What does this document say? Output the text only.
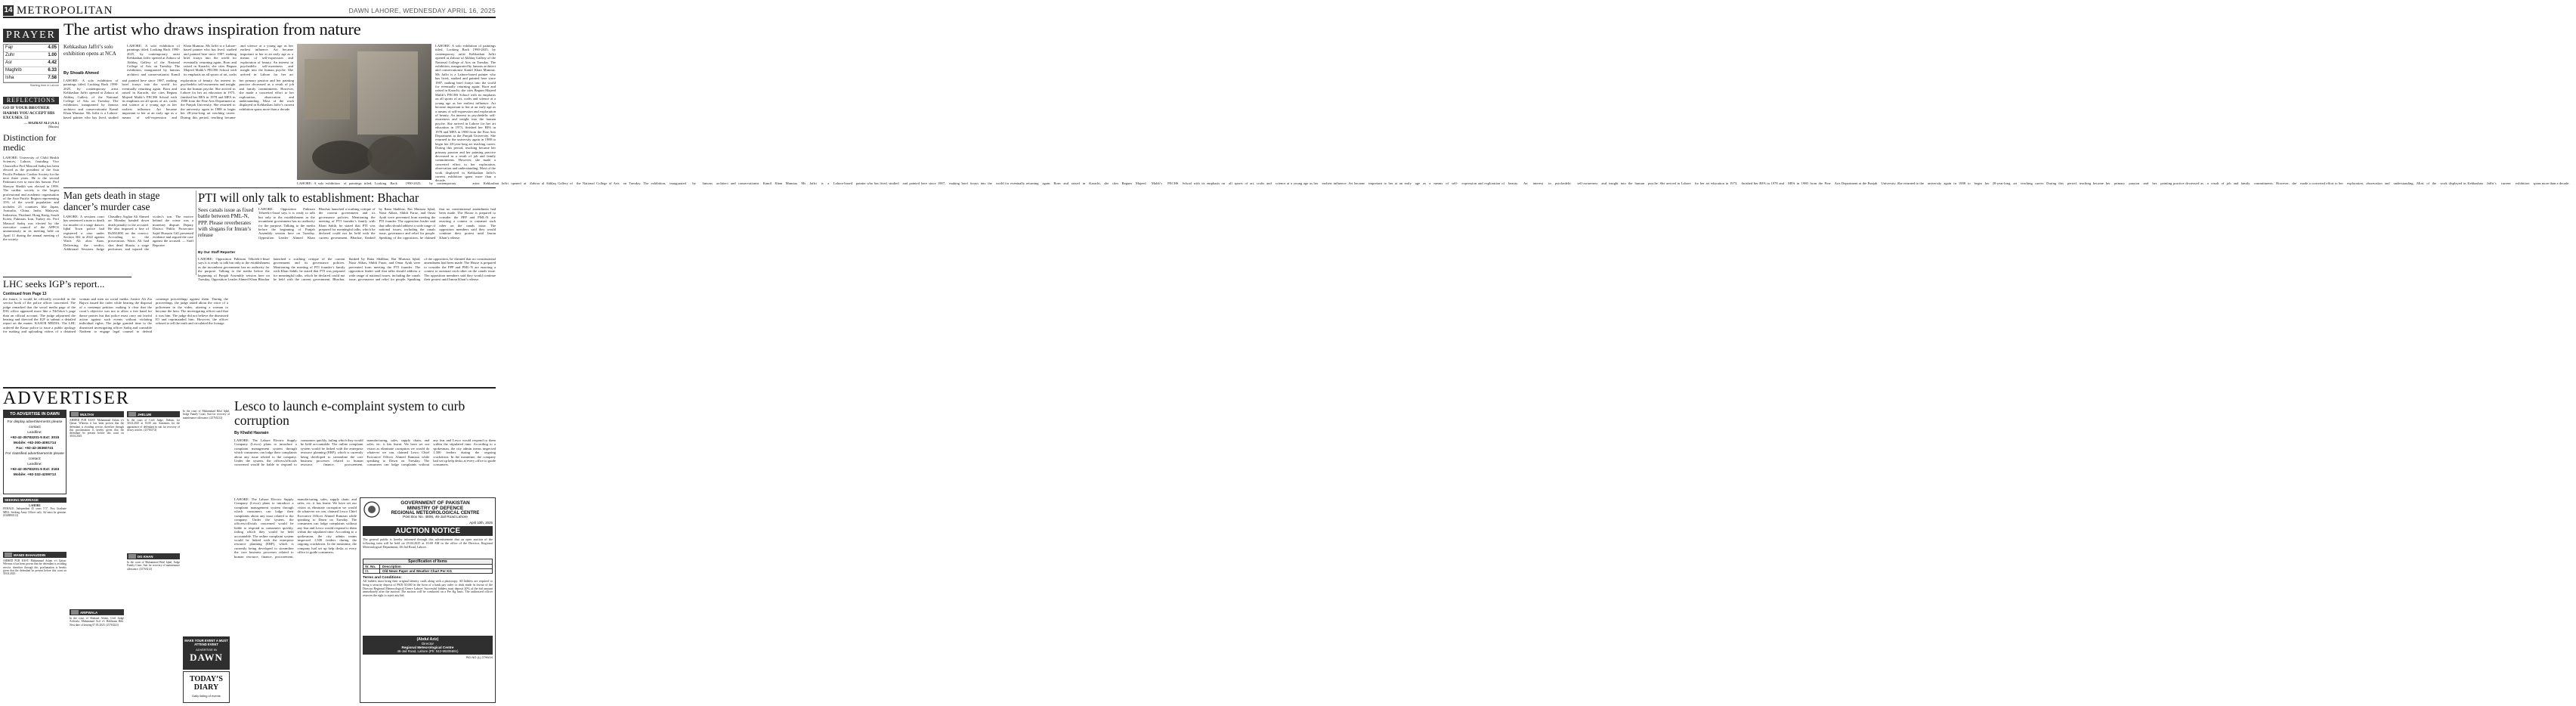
14 METROPOLITAN	DAWN LAHORE, WEDNESDAY APRIL 16, 2025
PRAYER
Fajr	4.05
Zuhr	1.00
Asr	4.42
Maghrib	6.33
Isha	7.58
Starting time in Lahore
REFLECTIONS
GO IF YOUR BROTHER HARMS YOU ACCEPT HIS EXCUSES. 53
— HAZRAT ALI (A.S.)
(Maxim)
Distinction for medic
LAHORE: University of Child Health Sciences, Lahore, founding Vice Chancellor Prof Masood Sadiq has been elected as the president of the Asia Pacific Pediatric Cardiac Society for the next three years. He is the second Pakistani ever to earn this honour. Prof Sheryar Sheikh was elected in 1999. The cardiac society is the largest professional and academic organisation of the Asia Pacific Region representing 35% of the world population and includes 23 countries like Japan, Australia, China, India, Malaysia, Indonesia, Thailand, Hong Kong, South Korea, Pakistan, Iran, Turkey etc. Prof Masood Sadiq was elected by the executive council of the APPCS unanimously in its meeting held on April 11 during the annual meeting of the society.
LHC seeks IGP’s report...
Continued from Page 13
the future, it would be officially recorded in the service book of the police officer concerned. The judge remarked that the social media page of the DIG office appeared more like a TikToker’s page than an official account. The judge adjourned the hearing and directed the IGP to submit a detailed report on the matter. KASUR MEDIA: The LHC ordered the Kasur police to issue a public apology for making and uploading videos of a detained woman and men on social media. Justice Ali Zia Bajwa issued the order while hearing the disposal of a contempt petition, making it clear that the court’s objective was not to allow a free hand for dance parties but that police must carry out lawful action against such events without violating individual rights. The judge granted time to the dismissed investigating officer Sadiq and constable Nadeem to engage legal counsel to defend contempt proceedings against them. During the proceedings, the judge asked about the voice of a policemen in the video, uttering a woman to become the hero. The investigating officer said that it was him. The judge did not believe the dismissed IO and reprimanded him. However, the officer refused to tell the truth and circulated the footage.
The artist who draws inspiration from nature
Kehkashan Jaffri’s solo exhibition opens at NCA
By Shoaib Ahmed
LAHORE: A solo exhibition of paintings titled, Looking Back 1990-2025, by contemporary artist Kehkashan Jaffri opened at Zahoor ul Akhlaq Gallery of the National College of Arts on Tuesday. The exhibition, inaugurated by famous architect and conservationist Kamil Khan Mumtaz. Ms Jaffri is a Lahore-based painter who has lived, studied and painted here since 1987, making brief forays into the world for eventually returning again. Born and raised in Karachi, she cites Begum Majeed Malik’s PECHS School with its emphasis on all sports of art, crafts and science at a young age as her earliest influence. Art became important to her at an early age as a means of self-expression and exploration of beauty. An interest in psychedelic self-awareness and insight into the human psyche. She arrived in Lahore for her art education in 1973, finished her BFA in 1978 and MFA in 1980 from the Fine Arts Department at the Punjab University. She returned to the university again in 1988 to begin her 28-year-long art teaching career. During this period, teaching became her primary passion and her painting practice decreased as a result of job and family commitments. However, she made a concerted effort to her exploration, observation and understanding. Most of the work displayed in Kehkashan Jaffri’s current exhibition spans more than a decade.
LAHORE: A solo exhibition of paintings titled, Looking Back 1990-2025, by contemporary artist Kehkashan Jaffri opened at Zahoor ul Akhlaq Gallery of the National College of Arts on Tuesday. The exhibition, inaugurated by famous architect and conservationist Kamil Khan Mumtaz. Ms Jaffri is a Lahore-based painter who has lived, studied and painted here since 1987, making brief forays into the world for eventually returning again. Born and raised in Karachi, she cites Begum Majeed Malik’s PECHS School with its emphasis on all sports of art, crafts and science at a young age as her earliest influence. Art became important to her at an early age as a means of self-expression and exploration of beauty. An interest in psychedelic self-awareness and insight into the human psyche. She arrived in Lahore for her art
LAHORE: A solo exhibition of paintings titled, Looking Back 1990-2025, by contemporary artist Kehkashan Jaffri opened at Zahoor ul Akhlaq Gallery of the National College of Arts on Tuesday. The exhibition, inaugurated by famous architect and conservationist Kamil Khan Mumtaz. Ms Jaffri is a Lahore-based painter who has lived, studied and painted here since 1987, making brief forays into the world for eventually returning again. Born and raised in Karachi, she cites Begum Majeed Malik’s PECHS School with its emphasis on all sports of art, crafts and science at a young age as her earliest influence. Art became important to her at an early age as a means of self-expression and exploration of beauty. An interest in psychedelic self-awareness and insight into the human psyche. She arrived in Lahore for her art education in 1973, finished her BFA in 1978 and MFA in 1980 from the Fine Arts Department at the Punjab University. She returned to the university again in 1988 to begin her 28-year-long art teaching career. During this period, teaching became her primary passion and her painting practice decreased as a result of job and family commitments. However, she made a concerted effort to her exploration, observation and understanding. Most of the work displayed in Kehkashan Jaffri’s current exhibition spans more than a decade.
LAHORE: A solo exhibition of paintings titled, Looking Back 1990-2025, by contemporary artist Kehkashan Jaffri opened at Zahoor ul Akhlaq Gallery of the National College of Arts on Tuesday. The exhibition, inaugurated by famous architect and conservationist Kamil Khan Mumtaz. Ms Jaffri is a Lahore-based painter who has lived, studied and painted here since 1987, making brief forays into the world for eventually returning again. Born and raised in Karachi, she cites Begum Majeed Malik’s PECHS School with its emphasis on all sports of art, crafts and science at a young age as her earliest influence. Art became important to her at an early age as a means of self-expression and exploration of beauty. An interest in psychedelic self-awareness and insight into the human psyche. She arrived in Lahore for her art education in 1973, finished her BFA in 1978 and MFA in 1980 from the Fine Arts Department at the Punjab University. She returned to the university again in 1988 to begin her 28-year-long art teaching career. During this period, teaching became her primary passion and her painting practice decreased as a result of job and family commitments. However, she made a concerted effort to her exploration, observation and understanding. Most of the work displayed in Kehkashan Jaffri’s current exhibition spans more than a decade.
Man gets death in stage dancer’s murder case
LAHORE: A sessions court has sentenced a man to death for murder of a stage dancer. Iqbal Town police had registered a case under Section 302 in 2022 against Waris Ali alias Saan. Delivering the verdict, Additional Sessions Judge Chaudhry Asghar Ali Ahmed on Monday handed down death penalty to the accused. He also imposed a fine of Rs500,000 on the convict. According to the prosecution, Waris Ali had shot dead Shazia, a stage performer, and injured the victim’s son. The motive behind the crime was a monetary dispute. Deputy District Public Prosecutor Sajid Hussain Gill presented evidence and argued the case against the accused. — Staff Reporter
PTI will only talk to establishment: Bhachar
Sees canals issue as fixed battle between PML-N, PPP. Please reverberates with slogans for Imran’s release
By Our Staff Reporter
LAHORE: Opposition Pakistan Tehreek-i-Insaf says it is ready to talk but only to the establishment as the incumbent government has no authority for the purpose. Talking to the media before the beginning of Punjab Assembly session here on Tuesday, Opposition Leader Ahmed Khan Bhachar launched a scathing critique of the current government and its governance policies. Mentioning the meeting of PTI founder’s family with Khan Sahib, he stated that PTI was prepared for meaningful talks, which he declared could not be held with the current government. Bhachar, flanked by Rana Shahbaz, Rai Murtaza Iqbal, Nasir Abbas, Shibli Faraz, and Omar Ayub were prevented from meeting the PTI founder. The opposition leader said that talks should address a wide range of national issues, including the canals issue, governance and relief for people. Speaking of the opposition, he claimed that no constitutional amendment had been made. The House is prepared to consider the PPP and PML-N are enacting a contest to outsmart each other on the canals issue. The opposition members said they would continue their protest until Imran Khan’s release.
LAHORE: Opposition Pakistan Tehreek-i-Insaf says it is ready to talk but only to the establishment as the incumbent government has no authority for the purpose. Talking to the media before the beginning of Punjab Assembly session here on Tuesday, Opposition Leader Ahmed Khan Bhachar launched a scathing critique of the current government and its governance policies. Mentioning the meeting of PTI founder’s family with Khan Sahib, he stated that PTI was prepared for meaningful talks, which he declared could not be held with the current government. Bhachar, flanked by Rana Shahbaz, Rai Murtaza Iqbal, Nasir Abbas, Shibli Faraz, and Omar Ayub were prevented from meeting the PTI founder. The opposition leader said that talks should address a wide range of national issues, including the canals issue, governance and relief for people. Speaking of the opposition, he claimed that no constitutional amendment had been made. The House is prepared to consider the PPP and PML-N are enacting a contest to outsmart each other on the canals issue. The opposition members said they would continue their protest until Imran Khan’s release.
ADVERTISER
TO ADVERTISE IN DAWN
For display advertisements please contact
Landline:
+92-42-35783201-5 Ext: 3015
Mobile: +92-300-4091714
Fax: +92-42-36360741
For classified advertisements please contact:
Landline:
+92-42-35783201-5 Ext: 3163
Mobile: +92-332-4209713
SEEKING MARRIAGE
LAHORE
FEMALE: Independent 45 years 5’3”, Post Graduate MBA. Seeking Army Officer only. Ad must be genuine. (0348890112)
MANDI BAHAUDDIN
AHMED PUR EAST: Muhammad Aslam v/s Qaisar. Whereas it has been proven that the defendant is avoiding service, therefore through this proclamation is hereby given that the defendant be present before this court on 30.04.2025.
MULTAN
AHMED PUR EAST: Muhammad Aslam v/s Qaisar. Whereas it has been proven that the defendant is avoiding service, therefore through this proclamation is hereby given that the defendant be present before this court on 30.04.2025.
ARIFWALA
In the court of Shahzad Aslam, Civil Judge Arifwala, Muhammad Asif v/s Rukhsana Bibi. Next date of hearing 07.05.2025. (25763241)
JHELUM
In the court of Civil Judge, Jhelum, for 30.04.2025 at 10:00 am. Summons for the appearance of defendant in suit for recovery of dowry articles. (25763374)
DG KHAN
In the court of Muhammad Bilal Iqbal, Judge Family Court. Suit for recovery of maintenance allowance. (25763212)
In the court of Muhammad Bilal Iqbal, Judge Family Court. Suit for recovery of maintenance allowance. (25763212)
MAKE YOUR EVENT A MUST ATTEND EVENT
ADVERTISE IN
DAWN
TODAY’S DIARY
Daily listing of events
Lesco to launch e-complaint system to curb corruption
By Khalid Hasnain
LAHORE: The Lahore Electric Supply Company (Lesco) plans to introduce a complaint management system through which consumers can lodge their complaints about any issue related to the company. Under the system, the officers/officials concerned would be liable to respond to consumers quickly, failing which they would be held accountable. The online complaint system would be linked with the enterprise resource planning (ERP), which is currently being developed to streamline the core business processes related to human resource, finance, procurement, manufacturing, sales, supply chain, and sales, etc. it has learnt. We have set our vision as eliminate corruption we would do whatever we can, claimed Lesco Chief Executive Officer Ahmed Ramzan while speaking to Dawn on Tuesday. The consumers can lodge complaints without any fear and Lesco would respond to them within the stipulated time. According to a spokesman, the city admin teams inspected 1,500 feeders during the ongoing crackdown. In the meantime, the company had set up help desks at every office to guide consumers.
GOVERNMENT OF PAKISTAN
MINISTRY OF DEFENCE
REGIONAL METEOROLOGICAL CENTRE
Post Box No. 4806, 46-Jail Road Lahore
April 10th, 2025
AUCTION NOTICE
The general public is hereby informed through this advertisement that an open auction of the following item will be held on 29.04.2025 at 10:00 AM in the office of the Director, Regional Meteorological Department, 46-Jail Road, Lahore.
Specification of Items
Sr. No.	Description
01	Old News Paper and Weather Chart Per KG
Terms and Conditions:
All bidders must bring their original identity cards along with a photocopy. All bidders are required to bring a security deposit of PKR 50,000 in the form of a bank pay order or draft made in favour of the Director Regional Meteorological Centre Lahore. Successful bidders must deposit 20% of the bid amount immediately after the auction. The auction will be conducted on a Per Kg basis. The authorized officer reserves the right to reject any bid.
(Abdul Aziz)
Director
Regional Meteorological Centre
46-Jail Road, Lahore (Ph: 042-99205591)
PID NO (L) 2799/24
LAHORE: The Lahore Electric Supply Company (Lesco) plans to introduce a complaint management system through which consumers can lodge their complaints about any issue related to the company. Under the system, the officers/officials concerned would be liable to respond to consumers quickly, failing which they would be held accountable. The online complaint system would be linked with the enterprise resource planning (ERP), which is currently being developed to streamline the core business processes related to human resource, finance, procurement, manufacturing, sales, supply chain, and sales, etc. it has learnt. We have set our vision as eliminate corruption we would do whatever we can, claimed Lesco Chief Executive Officer Ahmed Ramzan while speaking to Dawn on Tuesday. The consumers can lodge complaints without any fear and Lesco would respond to them within the stipulated time. According to a spokesman, the city admin teams inspected 1,500 feeders during the ongoing crackdown. In the meantime, the company had set up help desks at every office to guide consumers.
